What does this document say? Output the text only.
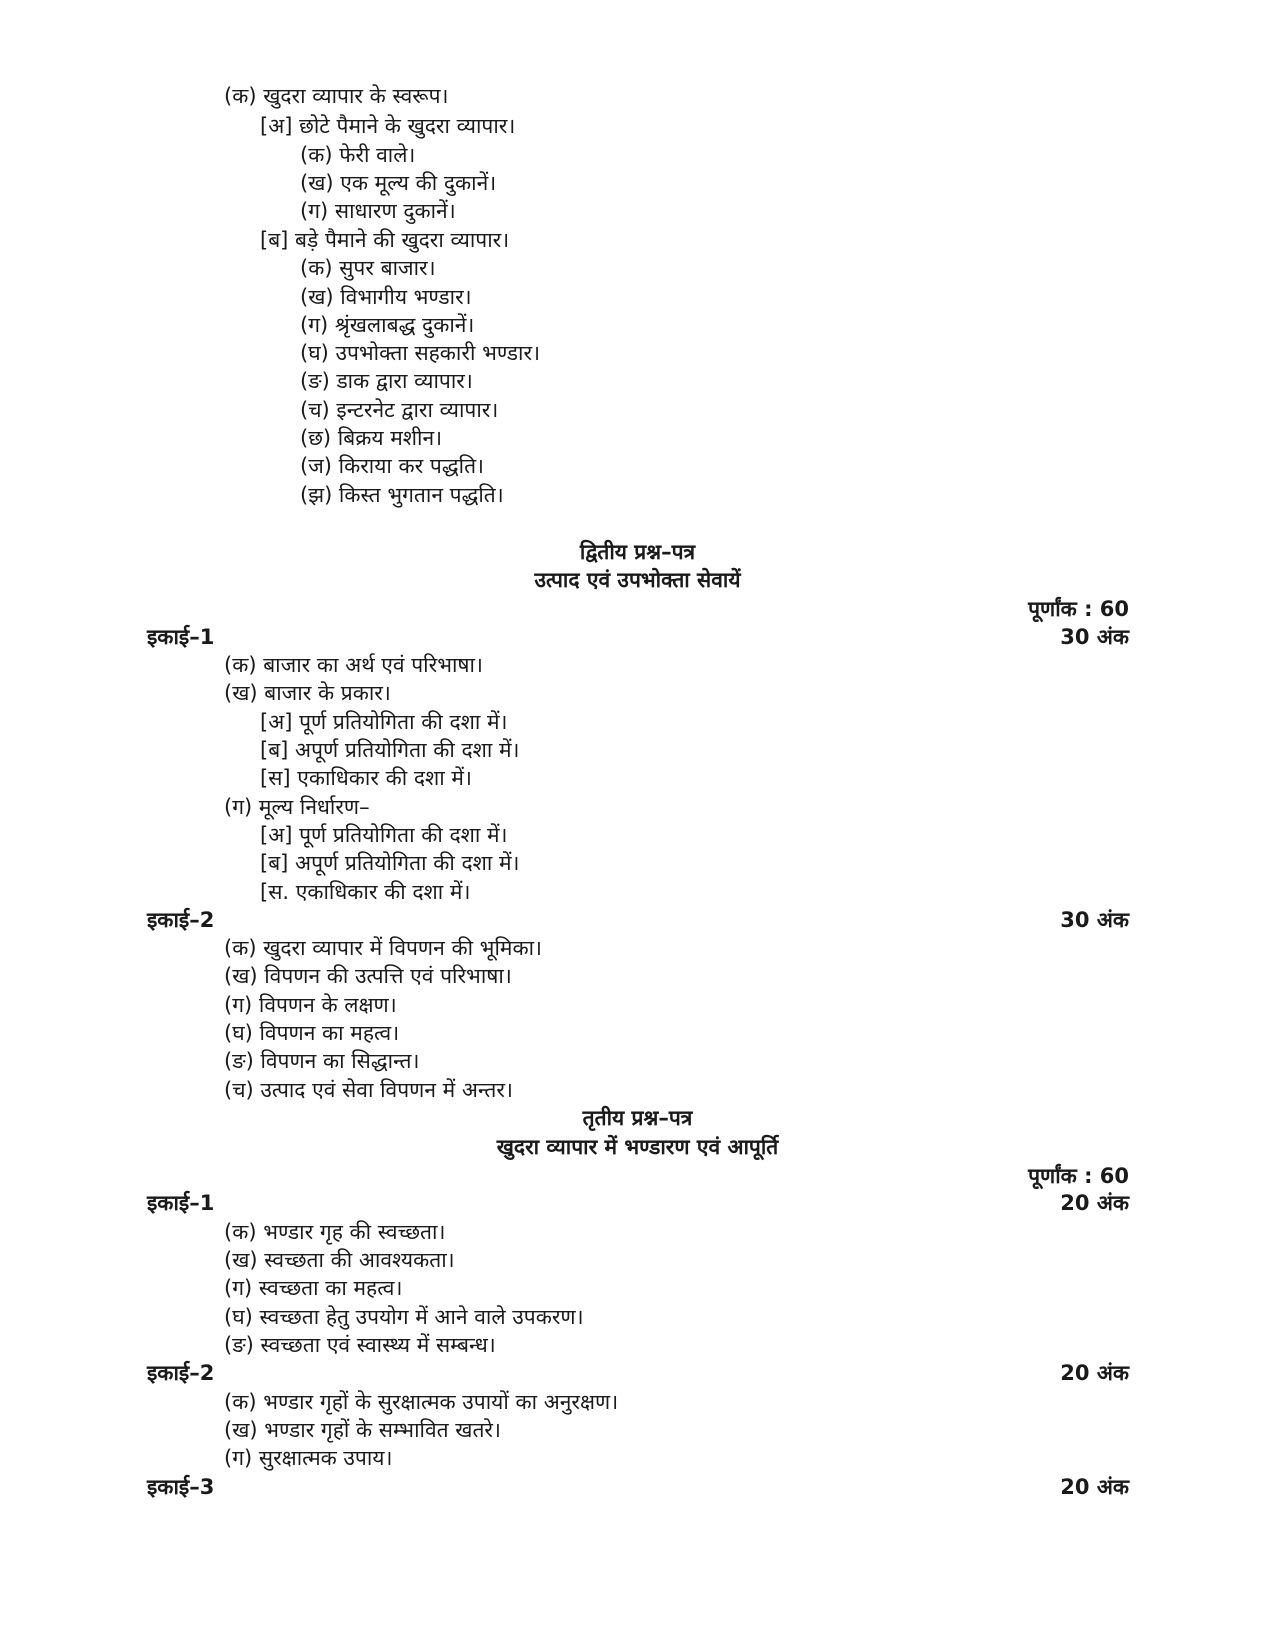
(क) खुदरा व्यापार के स्वरूप।
[अ] छोटे पैमाने के खुदरा व्यापार।
(क) फेरी वाले।
(ख) एक मूल्य की दुकानें।
(ग) साधारण दुकानें।
[ब] बड़े पैमाने की खुदरा व्यापार।
(क) सुपर बाजार।
(ख) विभागीय भण्डार।
(ग) श्रृंखलाबद्ध दुकानें।
(घ) उपभोक्ता सहकारी भण्डार।
(ङ) डाक द्वारा व्यापार।
(च) इन्टरनेट द्वारा व्यापार।
(छ) बिक्रय मशीन।
(ज) किराया कर पद्धति।
(झ) किस्त भुगतान पद्धति।
द्वितीय प्रश्न–पत्र
उत्पाद एवं उपभोक्ता सेवायें
पूर्णांक : 60
इकाई–1	30 अंक
(क) बाजार का अर्थ एवं परिभाषा।
(ख) बाजार के प्रकार।
[अ] पूर्ण प्रतियोगिता की दशा में।
[ब] अपूर्ण प्रतियोगिता की दशा में।
[स] एकाधिकार की दशा में।
(ग) मूल्य निर्धारण–
[अ] पूर्ण प्रतियोगिता की दशा में।
[ब] अपूर्ण प्रतियोगिता की दशा में।
[स. एकाधिकार की दशा में।
इकाई–2	30 अंक
(क) खुदरा व्यापार में विपणन की भूमिका।
(ख) विपणन की उत्पत्ति एवं परिभाषा।
(ग) विपणन के लक्षण।
(घ) विपणन का महत्व।
(ङ) विपणन का सिद्धान्त।
(च) उत्पाद एवं सेवा विपणन में अन्तर।
तृतीय प्रश्न–पत्र
खुदरा व्यापार में भण्डारण एवं आपूर्ति
पूर्णांक : 60
इकाई–1	20 अंक
(क) भण्डार गृह की स्वच्छता।
(ख) स्वच्छता की आवश्यकता।
(ग) स्वच्छता का महत्व।
(घ) स्वच्छता हेतु उपयोग में आने वाले उपकरण।
(ङ) स्वच्छता एवं स्वास्थ्य में सम्बन्ध।
इकाई–2	20 अंक
(क) भण्डार गृहों के सुरक्षात्मक उपायों का अनुरक्षण।
(ख) भण्डार गृहों के सम्भावित खतरे।
(ग) सुरक्षात्मक उपाय।
इकाई–3	20 अंक
